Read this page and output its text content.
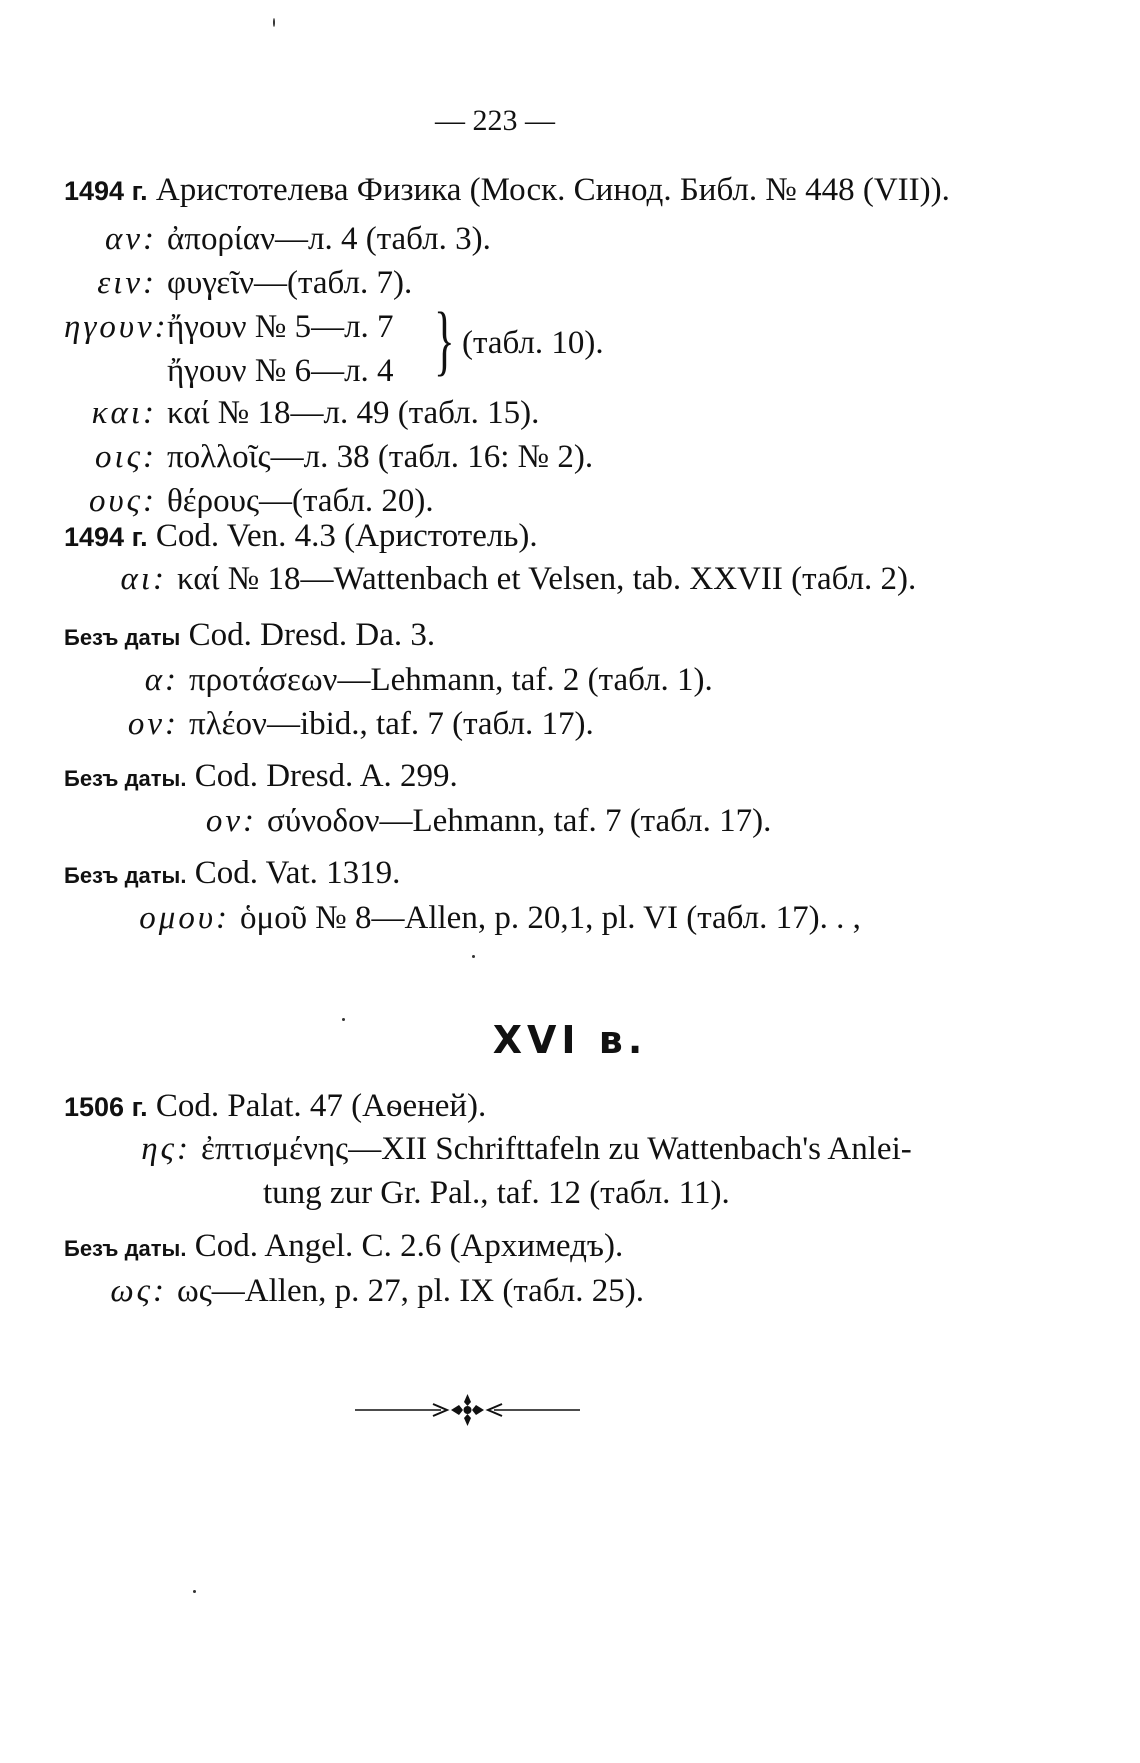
— 223 —
1494 г. Аристотелева Физика (Моск. Синод. Библ. № 448 (VII)).
αν: ἀπορίαν—л. 4 (табл. 3).
ειν: φυγεῖν—(табл. 7).
ηγουν:
ἤγουν № 5—л. 7
ἤγουν № 6—л. 4 } (табл. 10).
και: καί № 18—л. 49 (табл. 15).
οις: πολλοῖς—л. 38 (табл. 16: № 2).
ους: θέρους—(табл. 20).
1494 г. Cod. Ven. 4.3 (Аристотель).
αι: καί № 18—Wattenbach et Velsen, tab. XXVII (табл. 2).
Безъ даты Cod. Dresd. Da. 3.
α: προτάσεων—Lehmann, taf. 2 (табл. 1).
ον: πλέον—ibid., taf. 7 (табл. 17).
Безъ даты. Cod. Dresd. A. 299.
ον: σύνοδον—Lehmann, taf. 7 (табл. 17).
Безъ даты. Cod. Vat. 1319.
ομου: ὁμοῦ № 8—Allen, p. 20,1, pl. VI (табл. 17). . ,
XVI в.
1506 г. Cod. Palat. 47 (Аѳеней).
ης: ἐπτισμένης—XII Schrifttafeln zu Wattenbach's Anlei-
tung zur Gr. Pal., taf. 12 (табл. 11).
Безъ даты. Cod. Angel. C. 2.6 (Архимедъ).
ως: ως—Allen, p. 27, pl. IX (табл. 25).
